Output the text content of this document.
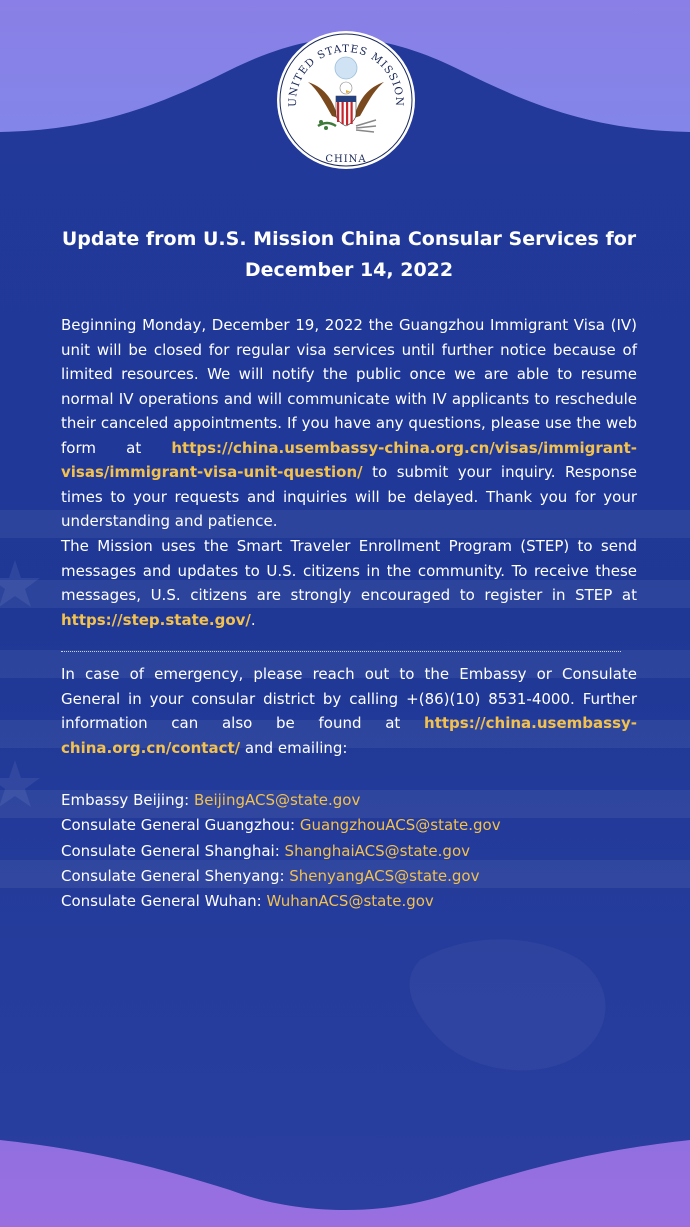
UNITED STATES MISSION
CHINA
Update from U.S. Mission China Consular Services for December 14, 2022

Beginning Monday, December 19, 2022 the Guangzhou Immigrant Visa (IV) unit will be closed for regular visa services until further notice because of limited resources. We will notify the public once we are able to resume normal IV operations and will communicate with IV applicants to reschedule their canceled appointments. If you have any questions, please use the web form at https://china.usembassy-china.org.cn/visas/immigrant-visas/immigrant-visa-unit-question/ to submit your inquiry. Response times to your requests and inquiries will be delayed. Thank you for your understanding and patience.

The Mission uses the Smart Traveler Enrollment Program (STEP) to send messages and updates to U.S. citizens in the community. To receive these messages, U.S. citizens are strongly encouraged to register in STEP at https://step.state.gov/.

In case of emergency, please reach out to the Embassy or Consulate General in your consular district by calling +(86)(10) 8531-4000. Further information can also be found at https://china.usembassy-china.org.cn/contact/ and emailing:

Embassy Beijing: BeijingACS@state.gov
Consulate General Guangzhou: GuangzhouACS@state.gov
Consulate General Shanghai: ShanghaiACS@state.gov
Consulate General Shenyang: ShenyangACS@state.gov
Consulate General Wuhan: WuhanACS@state.gov
